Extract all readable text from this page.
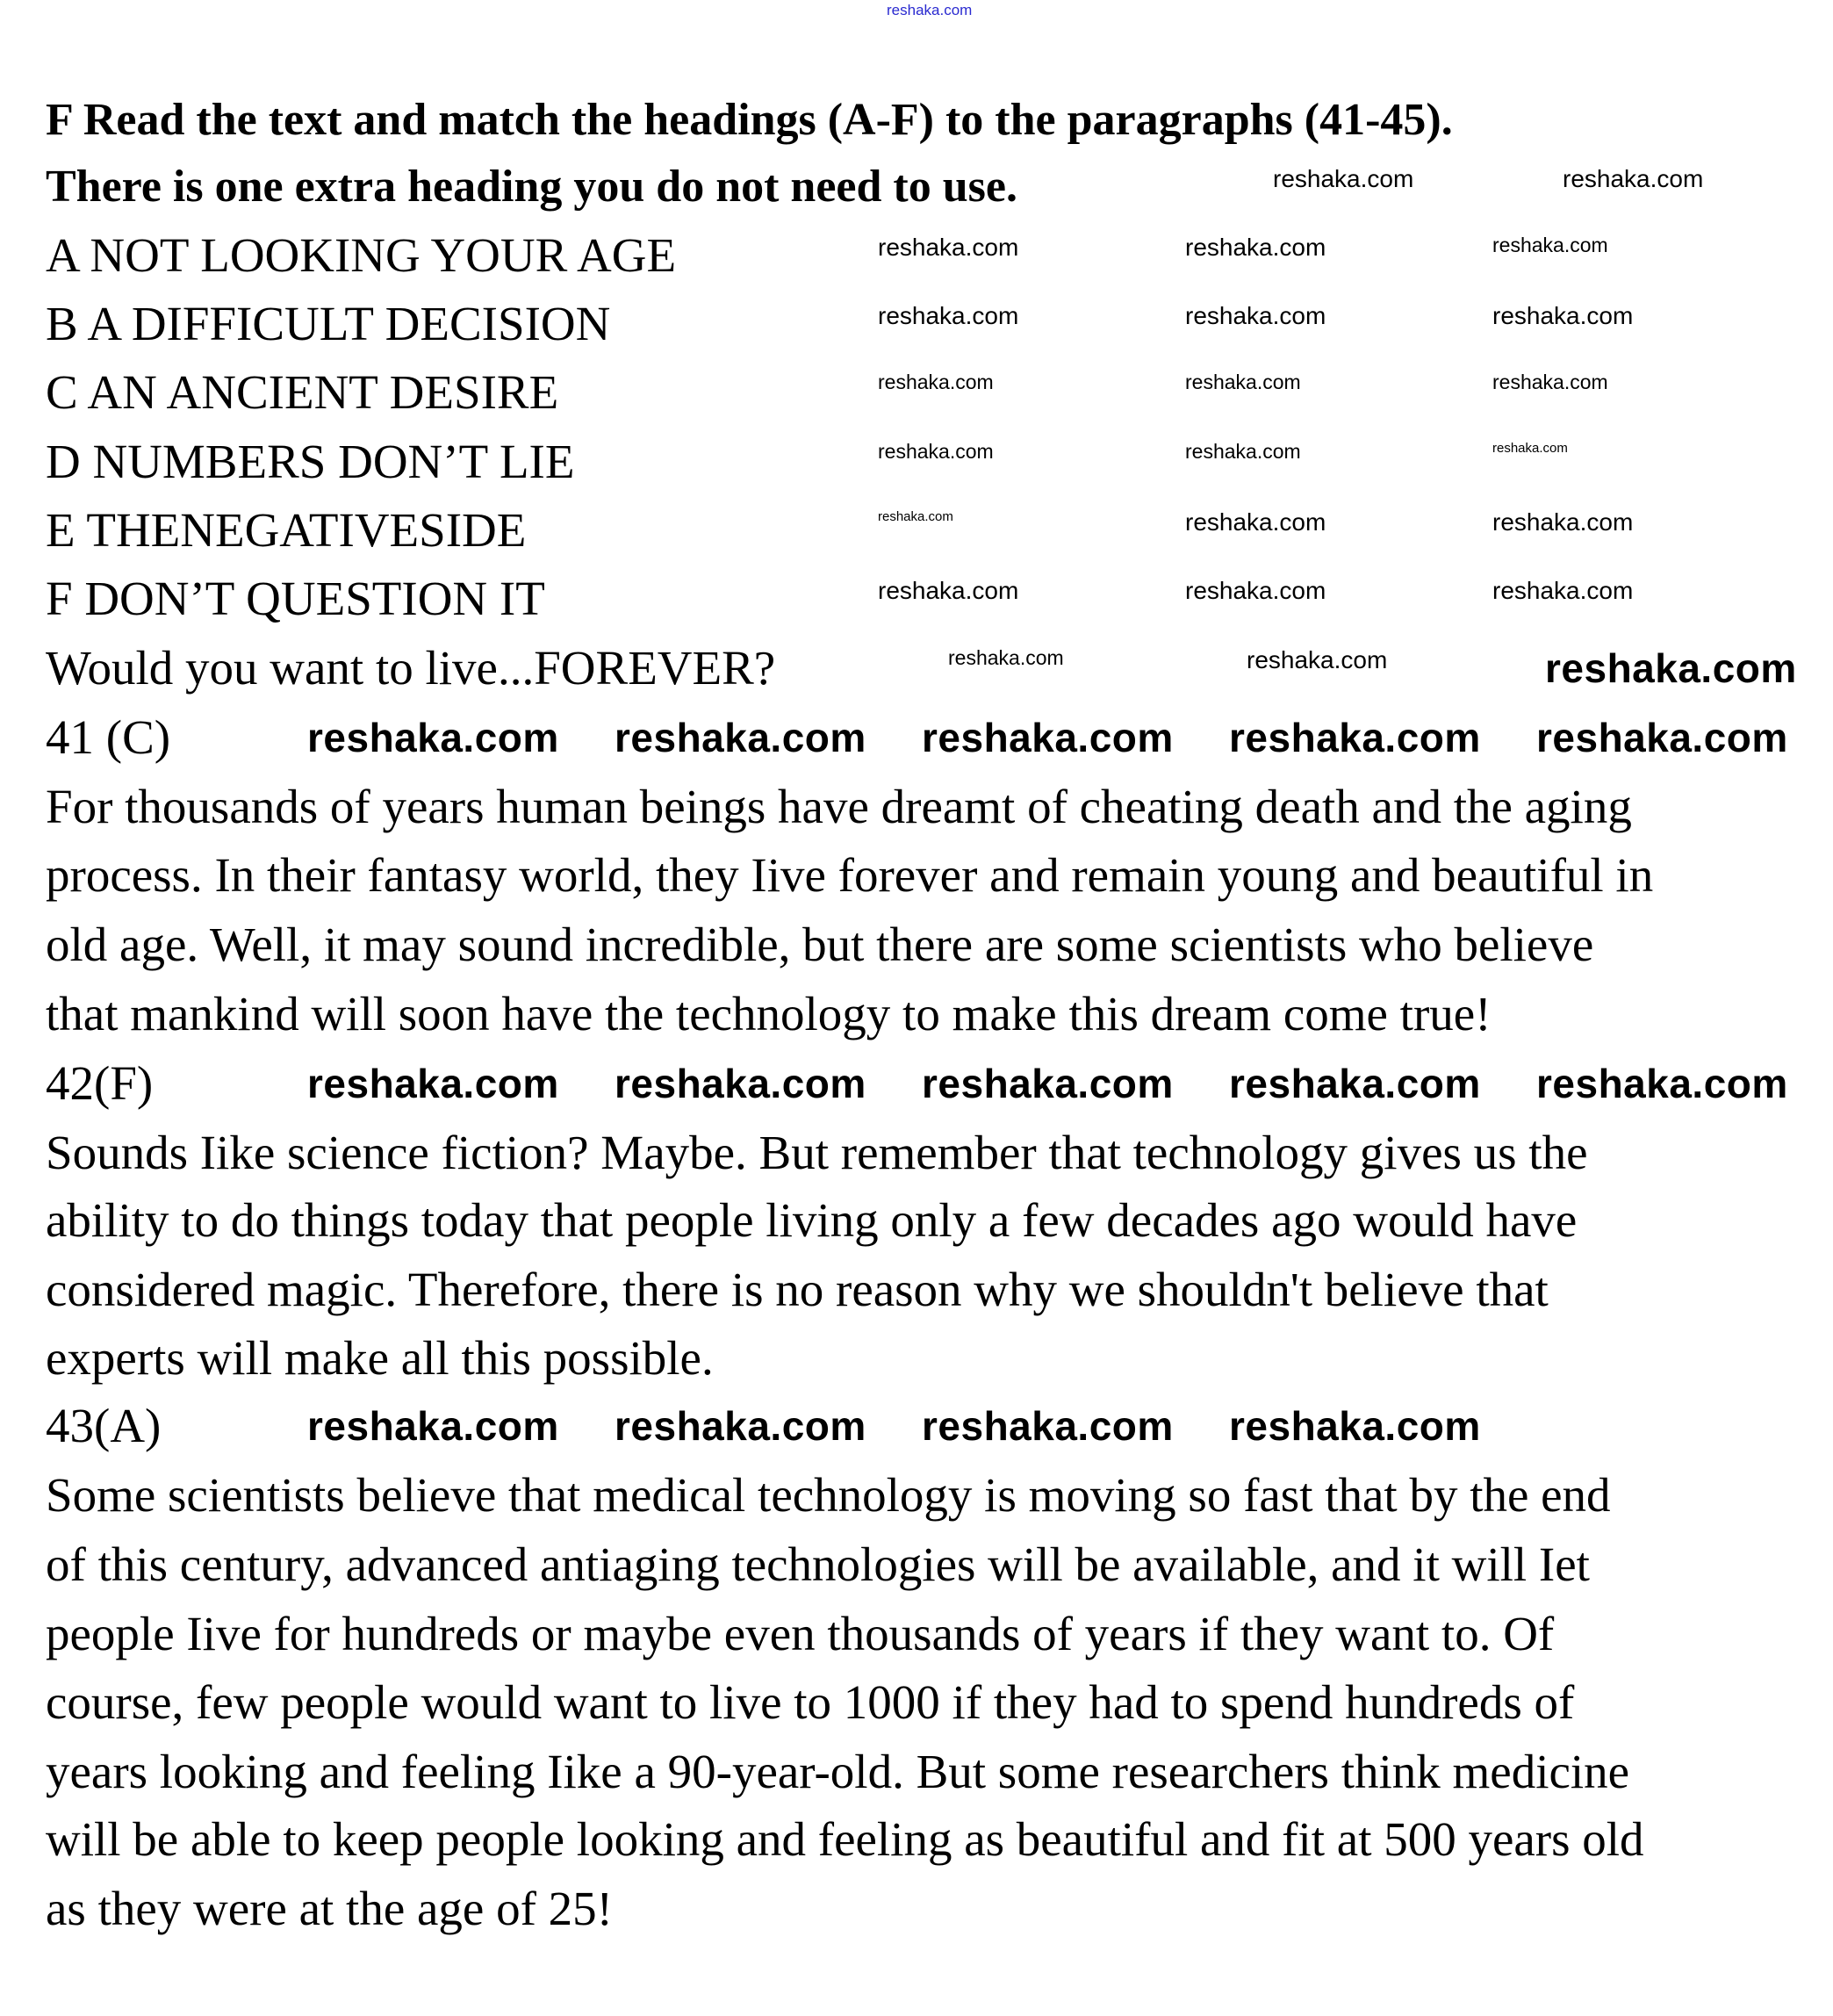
reshaka.com
F Read the text and match the headings (A-F) to the paragraphs (41-45).
There is one extra heading you do not need to use.
A NOT LOOKING YOUR AGE
B A DIFFICULT DECISION
C AN ANCIENT DESIRE
D NUMBERS DON’T LIE
E THENEGATIVESIDE
F DON’T QUESTION IT
Would you want to live...FOREVER?
41 (C)
For thousands of years human beings have dreamt of cheating death and the aging
process. In their fantasy world, they Iive forever and remain young and beautiful in
old age. Well, it may sound incredible, but there are some scientists who believe
that mankind will soon have the technology to make this dream come true!
42(F)
Sounds Iike science fiction? Maybe. But remember that technology gives us the
ability to do things today that people living only a few decades ago would have
considered magic. Therefore, there is no reason why we shouldn't believe that
experts will make all this possible.
43(A)
Some scientists believe that medical technology is moving so fast that by the end
of this century, advanced antiaging technologies will be available, and it will Iet
people Iive for hundreds or maybe even thousands of years if they want to. Of
course, few people would want to live to 1000 if they had to spend hundreds of
years looking and feeling Iike a 90-year-old. But some researchers think medicine
will be able to keep people looking and feeling as beautiful and fit at 500 years old
as they were at the age of 25!
reshaka.com	reshaka.com
reshaka.com	reshaka.com	reshaka.com
reshaka.com	reshaka.com	reshaka.com
reshaka.com	reshaka.com	reshaka.com
reshaka.com	reshaka.com	reshaka.com
reshaka.com	reshaka.com	reshaka.com
reshaka.com	reshaka.com	reshaka.com
reshaka.com	reshaka.com	reshaka.com
reshaka.com reshaka.com reshaka.com reshaka.com reshaka.com
reshaka.com reshaka.com reshaka.com reshaka.com reshaka.com
reshaka.com reshaka.com reshaka.com reshaka.com
